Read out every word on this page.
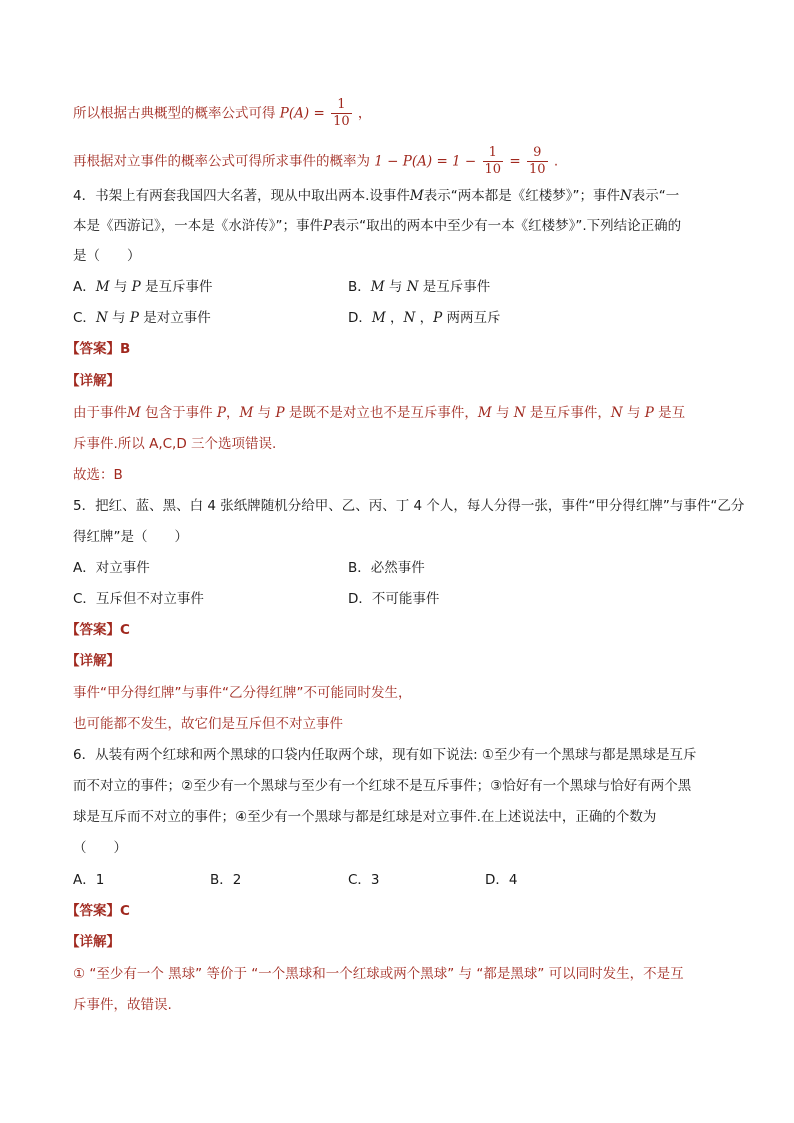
所以根据古典概型的概率公式可得 $P(A) = \frac{1}{10}$ ，
再根据对立事件的概率公式可得所求事件的概率为 $1 - P(A) = 1 - \frac{1}{10} = \frac{9}{10}$ .
4．书架上有两套我国四大名著，现从中取出两本.设事件M表示“两本都是《红楼梦》”；事件N表示“一
本是《西游记》，一本是《水浒传》”；事件P表示“取出的两本中至少有一本《红楼梦》”.下列结论正确的
是（　　）
A．M 与 P 是互斥事件	B．M 与 N 是互斥事件
C．N 与 P 是对立事件	D．M ，N ，P 两两互斥
【答案】B
【详解】
由于事件M 包含于事件 P，M 与 P 是既不是对立也不是互斥事件，M 与 N 是互斥事件，N 与 P 是互
斥事件.所以 A,C,D 三个选项错误.
故选：B
5．把红、蓝、黑、白 4 张纸牌随机分给甲、乙、丙、丁 4 个人，每人分得一张，事件“甲分得红牌”与事件“乙分
得红牌”是（　　）
A．对立事件	B．必然事件
C．互斥但不对立事件	D．不可能事件
【答案】C
【详解】
事件“甲分得红牌”与事件“乙分得红牌”不可能同时发生，
也可能都不发生，故它们是互斥但不对立事件
6．从装有两个红球和两个黑球的口袋内任取两个球，现有如下说法: ①至少有一个黑球与都是黑球是互斥
而不对立的事件；②至少有一个黑球与至少有一个红球不是互斥事件；③恰好有一个黑球与恰好有两个黑
球是互斥而不对立的事件；④至少有一个黑球与都是红球是对立事件.在上述说法中，正确的个数为
（　　）
A．1	B．2	C．3	D．4
【答案】C
【详解】
① “至少有一个 黑球” 等价于 “一个黑球和一个红球或两个黑球” 与 “都是黑球” 可以同时发生，不是互
斥事件，故错误.
